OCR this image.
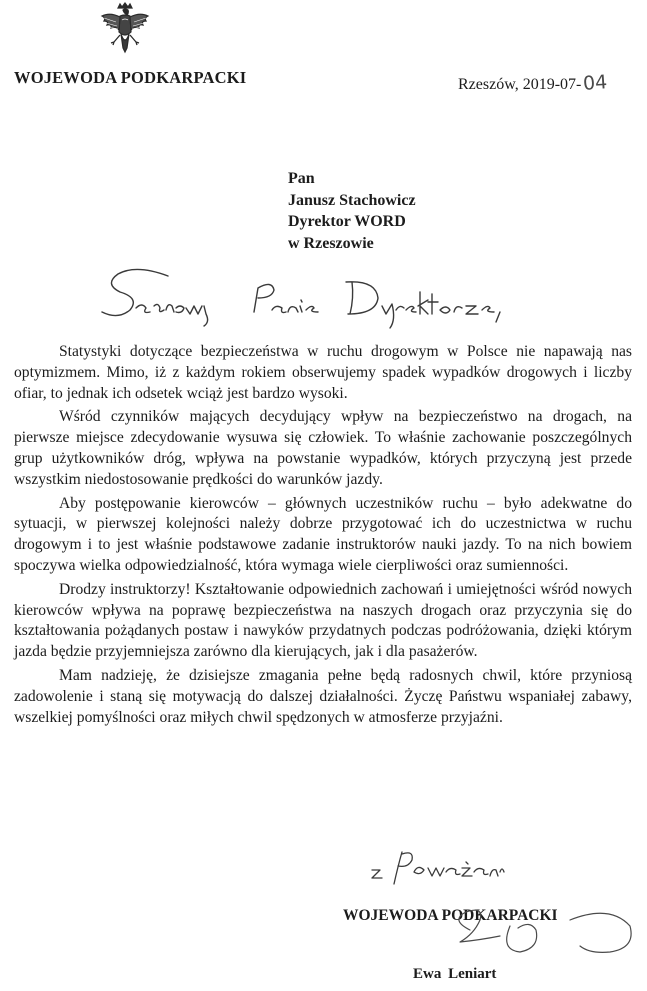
WOJEWODA PODKARPACKI	Rzeszów, 2019-07-04
Pan
Janusz Stachowicz
Dyrektor WORD
w Rzeszowie

Statystyki dotyczące bezpieczeństwa w ruchu drogowym w Polsce nie napawają nas optymizmem. Mimo, iż z każdym rokiem obserwujemy spadek wypadków drogowych i liczby ofiar, to jednak ich odsetek wciąż jest bardzo wysoki.

Wśród czynników mających decydujący wpływ na bezpieczeństwo na drogach, na pierwsze miejsce zdecydowanie wysuwa się człowiek. To właśnie zachowanie poszczególnych grup użytkowników dróg, wpływa na powstanie wypadków, których przyczyną jest przede wszystkim niedostosowanie prędkości do warunków jazdy.

Aby postępowanie kierowców – głównych uczestników ruchu – było adekwatne do sytuacji, w pierwszej kolejności należy dobrze przygotować ich do uczestnictwa w ruchu drogowym i to jest właśnie podstawowe zadanie instruktorów nauki jazdy. To na nich bowiem spoczywa wielka odpowiedzialność, która wymaga wiele cierpliwości oraz sumienności.

Drodzy instruktorzy! Kształtowanie odpowiednich zachowań i umiejętności wśród nowych kierowców wpływa na poprawę bezpieczeństwa na naszych drogach oraz przyczynia się do kształtowania pożądanych postaw i nawyków przydatnych podczas podróżowania, dzięki którym jazda będzie przyjemniejsza zarówno dla kierujących, jak i dla pasażerów.

Mam nadzieję, że dzisiejsze zmagania pełne będą radosnych chwil, które przyniosą zadowolenie i staną się motywacją do dalszej działalności. Życzę Państwu wspaniałej zabawy, wszelkiej pomyślności oraz miłych chwil spędzonych w atmosferze przyjaźni.

WOJEWODA PODKARPACKI
Ewa Leniart
